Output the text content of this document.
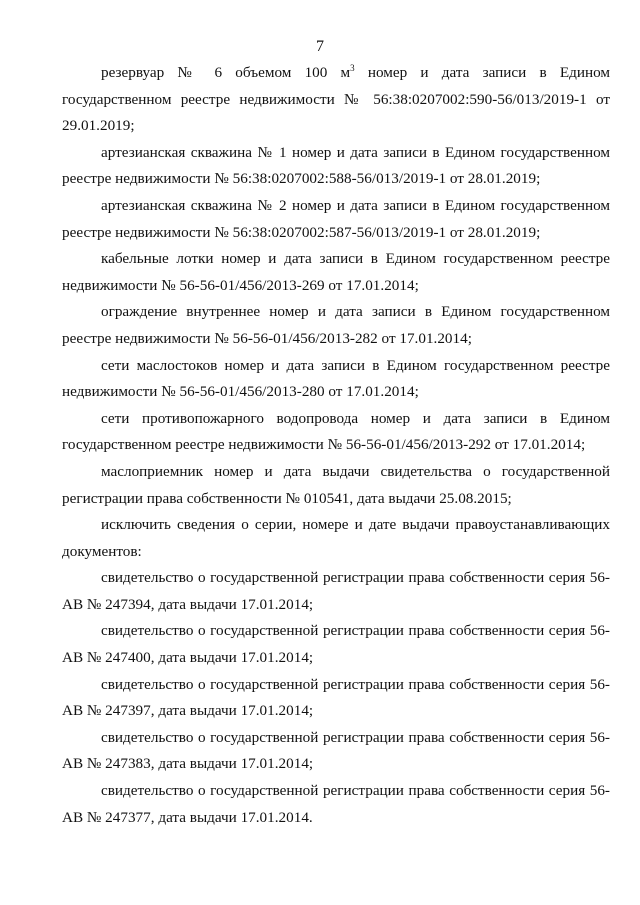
7

резервуар № 6 объемом 100 $м^3$ номер и дата записи в Едином государственном реестре недвижимости № 56:38:0207002:590-56/013/2019-1 от 29.01.2019;

артезианская скважина № 1 номер и дата записи в Едином государственном реестре недвижимости № 56:38:0207002:588-56/013/2019-1 от 28.01.2019;

артезианская скважина № 2 номер и дата записи в Едином государственном реестре недвижимости № 56:38:0207002:587-56/013/2019-1 от 28.01.2019;

кабельные лотки номер и дата записи в Едином государственном реестре недвижимости № 56-56-01/456/2013-269 от 17.01.2014;

ограждение внутреннее номер и дата записи в Едином государственном реестре недвижимости № 56-56-01/456/2013-282 от 17.01.2014;

сети маслостоков номер и дата записи в Едином государственном реестре недвижимости № 56-56-01/456/2013-280 от 17.01.2014;

сети противопожарного водопровода номер и дата записи в Едином государственном реестре недвижимости № 56-56-01/456/2013-292 от 17.01.2014;

маслоприемник номер и дата выдачи свидетельства о государственной регистрации права собственности № 010541, дата выдачи 25.08.2015;

исключить сведения о серии, номере и дате выдачи правоустанавливающих документов:

свидетельство о государственной регистрации права собственности серия 56-АВ № 247394, дата выдачи 17.01.2014;

свидетельство о государственной регистрации права собственности серия 56-АВ № 247400, дата выдачи 17.01.2014;

свидетельство о государственной регистрации права собственности серия 56-АВ № 247397, дата выдачи 17.01.2014;

свидетельство о государственной регистрации права собственности серия 56-АВ № 247383, дата выдачи 17.01.2014;

свидетельство о государственной регистрации права собственности серия 56-АВ № 247377, дата выдачи 17.01.2014.
